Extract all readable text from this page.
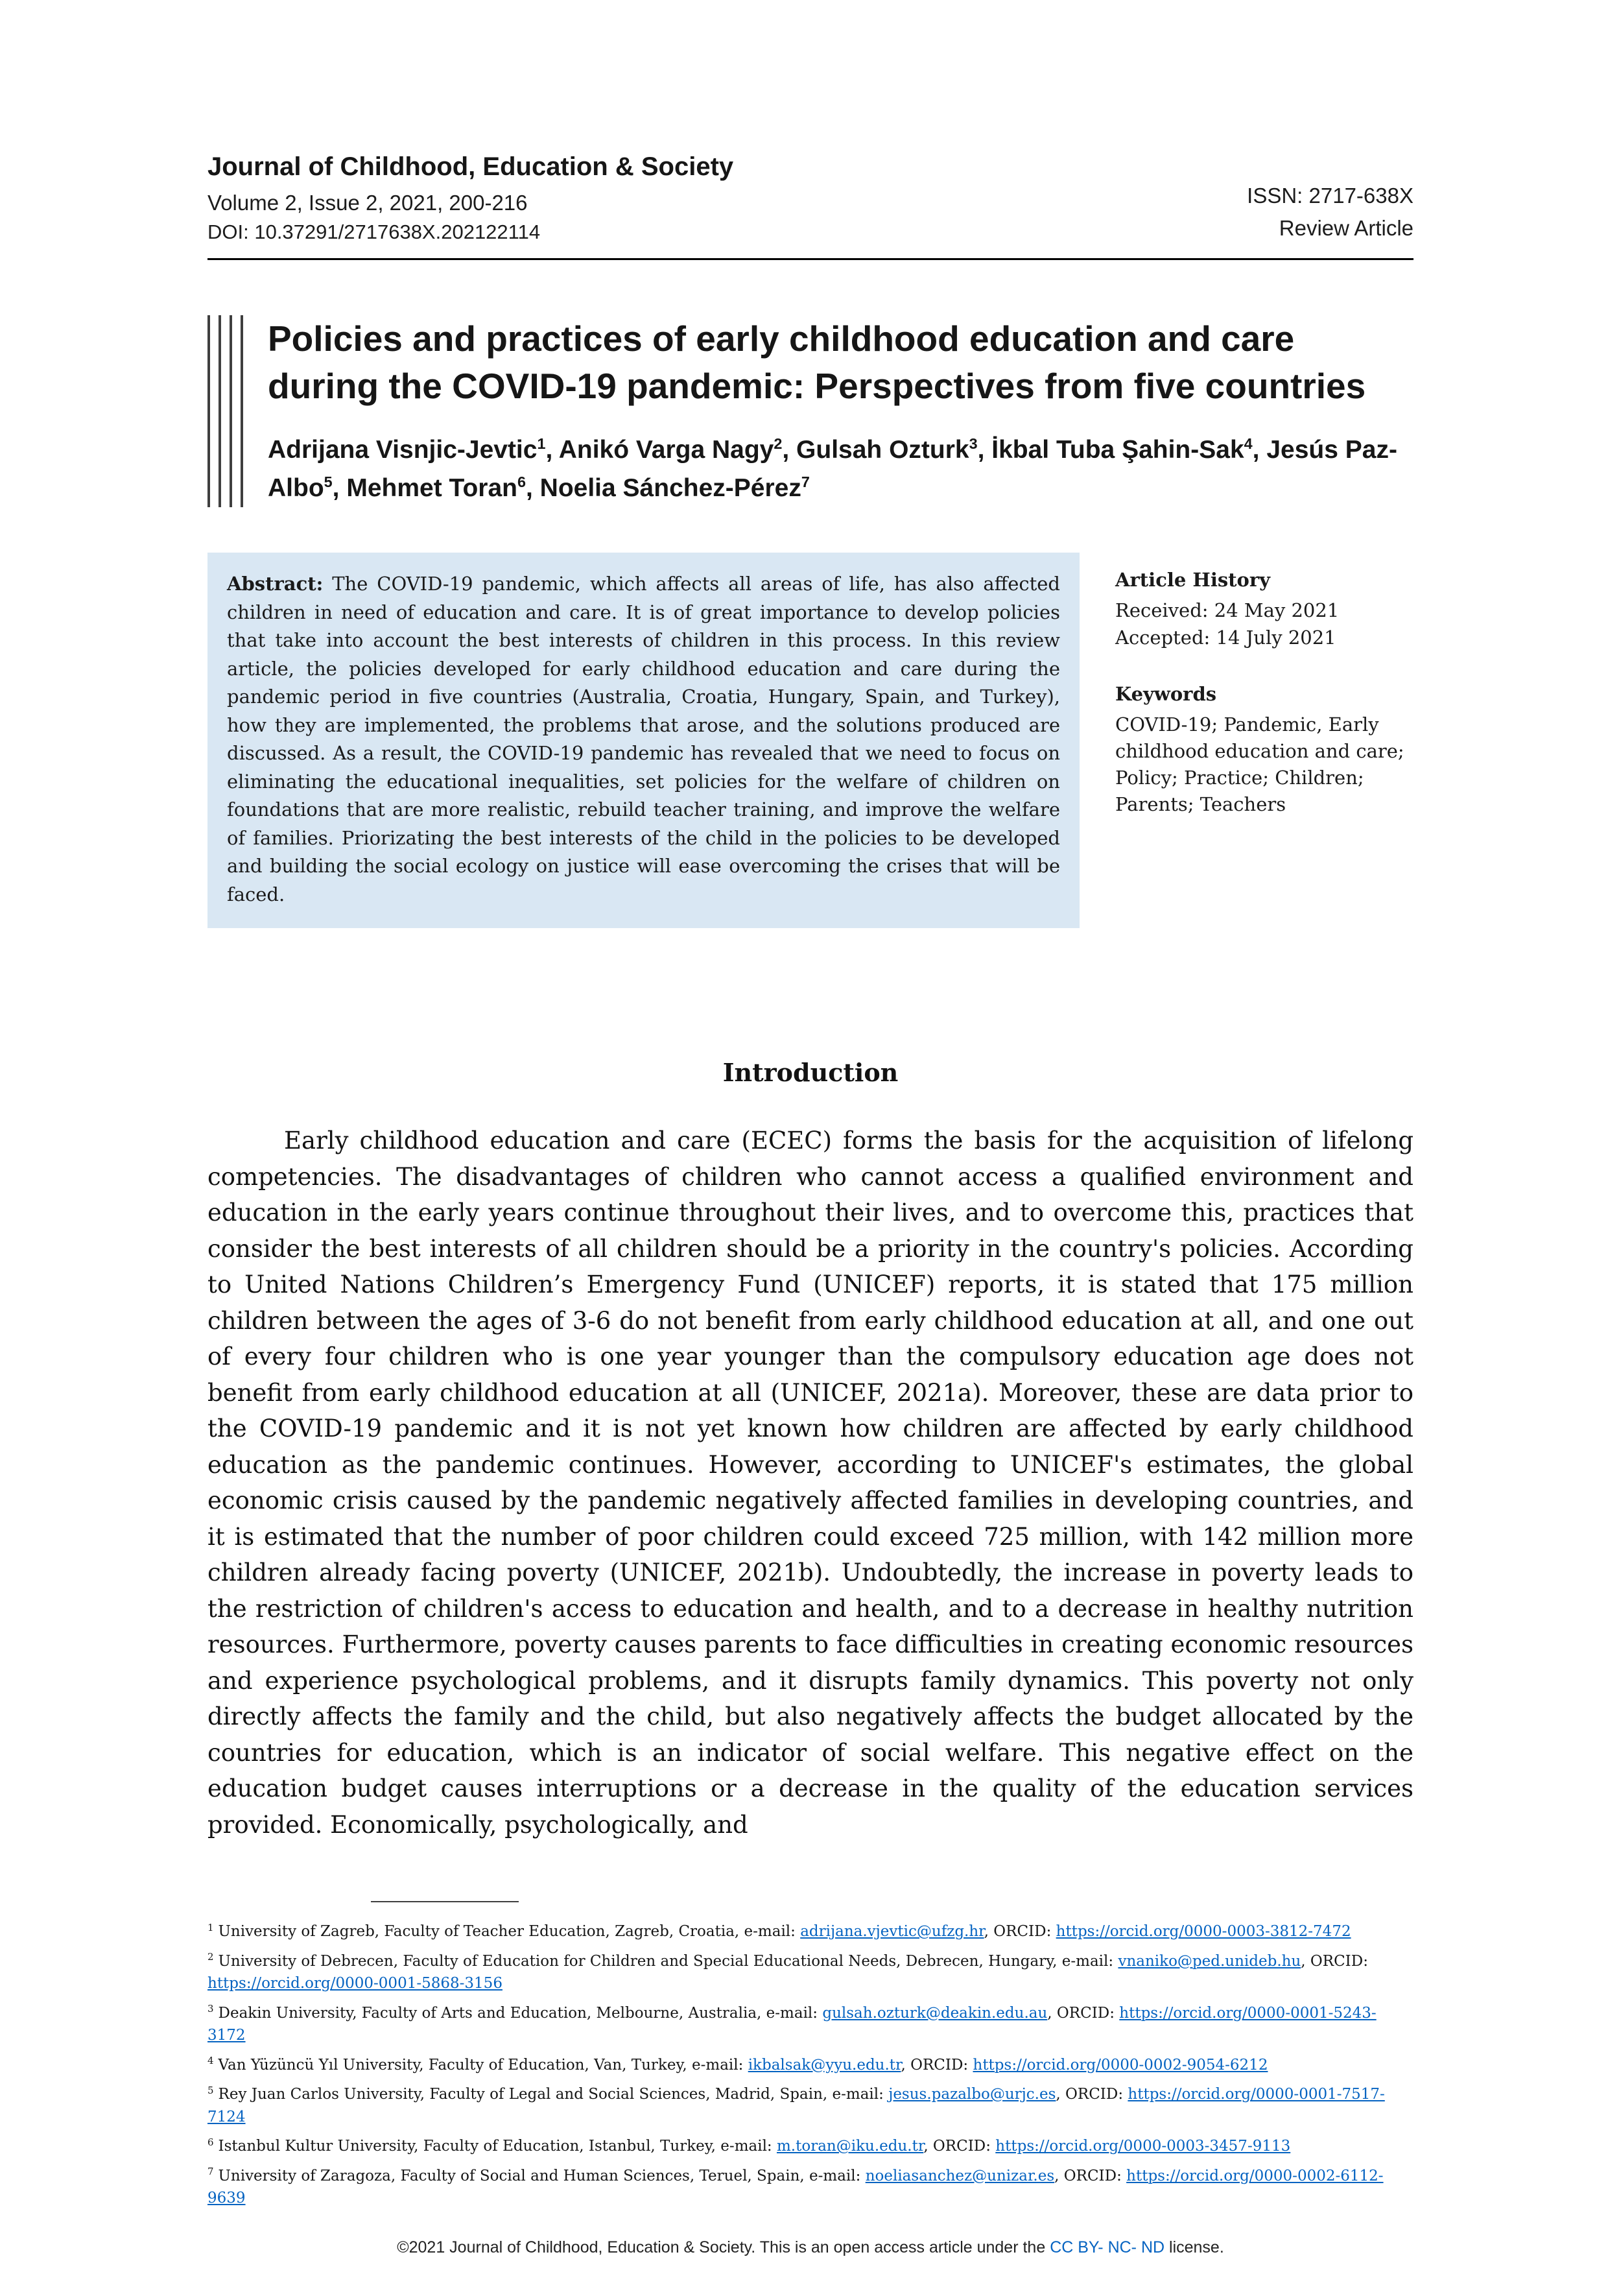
Journal of Childhood, Education & Society
Volume 2, Issue 2, 2021, 200-216
DOI: 10.37291/2717638X.202122114
ISSN: 2717-638X
Review Article
Policies and practices of early childhood education and care during the COVID-19 pandemic: Perspectives from five countries
Adrijana Visnjic-Jevtic$^1$, Anikó Varga Nagy$^2$, Gulsah Ozturk$^3$, İkbal Tuba Şahin-Sak$^4$, Jesús Paz-Albo$^5$, Mehmet Toran$^6$, Noelia Sánchez-Pérez$^7$
Abstract: The COVID-19 pandemic, which affects all areas of life, has also affected children in need of education and care. It is of great importance to develop policies that take into account the best interests of children in this process. In this review article, the policies developed for early childhood education and care during the pandemic period in five countries (Australia, Croatia, Hungary, Spain, and Turkey), how they are implemented, the problems that arose, and the solutions produced are discussed. As a result, the COVID-19 pandemic has revealed that we need to focus on eliminating the educational inequalities, set policies for the welfare of children on foundations that are more realistic, rebuild teacher training, and improve the welfare of families. Priorizating the best interests of the child in the policies to be developed and building the social ecology on justice will ease overcoming the crises that will be faced.
Article History
Received: 24 May 2021
Accepted: 14 July 2021
Keywords
COVID-19; Pandemic, Early childhood education and care; Policy; Practice; Children; Parents; Teachers
Introduction

Early childhood education and care (ECEC) forms the basis for the acquisition of lifelong competencies. The disadvantages of children who cannot access a qualified environment and education in the early years continue throughout their lives, and to overcome this, practices that consider the best interests of all children should be a priority in the country's policies. According to United Nations Children’s Emergency Fund (UNICEF) reports, it is stated that 175 million children between the ages of 3-6 do not benefit from early childhood education at all, and one out of every four children who is one year younger than the compulsory education age does not benefit from early childhood education at all (UNICEF, 2021a). Moreover, these are data prior to the COVID-19 pandemic and it is not yet known how children are affected by early childhood education as the pandemic continues. However, according to UNICEF's estimates, the global economic crisis caused by the pandemic negatively affected families in developing countries, and it is estimated that the number of poor children could exceed 725 million, with 142 million more children already facing poverty (UNICEF, 2021b). Undoubtedly, the increase in poverty leads to the restriction of children's access to education and health, and to a decrease in healthy nutrition resources. Furthermore, poverty causes parents to face difficulties in creating economic resources and experience psychological problems, and it disrupts family dynamics. This poverty not only directly affects the family and the child, but also negatively affects the budget allocated by the countries for education, which is an indicator of social welfare. This negative effect on the education budget causes interruptions or a decrease in the quality of the education services provided. Economically, psychologically, and

$^1$ University of Zagreb, Faculty of Teacher Education, Zagreb, Croatia, e-mail: adrijana.vjevtic@ufzg.hr, ORCID: https://orcid.org/0000-0003-3812-7472

$^2$ University of Debrecen, Faculty of Education for Children and Special Educational Needs, Debrecen, Hungary, e-mail: vnaniko@ped.unideb.hu, ORCID: https://orcid.org/0000-0001-5868-3156

$^3$ Deakin University, Faculty of Arts and Education, Melbourne, Australia, e-mail: gulsah.ozturk@deakin.edu.au, ORCID: https://orcid.org/0000-0001-5243-3172

$^4$ Van Yüzüncü Yıl University, Faculty of Education, Van, Turkey, e-mail: ikbalsak@yyu.edu.tr, ORCID: https://orcid.org/0000-0002-9054-6212

$^5$ Rey Juan Carlos University, Faculty of Legal and Social Sciences, Madrid, Spain, e-mail: jesus.pazalbo@urjc.es, ORCID: https://orcid.org/0000-0001-7517-7124

$^6$ Istanbul Kultur University, Faculty of Education, Istanbul, Turkey, e-mail: m.toran@iku.edu.tr, ORCID: https://orcid.org/0000-0003-3457-9113

$^7$ University of Zaragoza, Faculty of Social and Human Sciences, Teruel, Spain, e-mail: noeliasanchez@unizar.es, ORCID: https://orcid.org/0000-0002-6112-9639

©2021 Journal of Childhood, Education & Society. This is an open access article under the CC BY- NC- ND license.
